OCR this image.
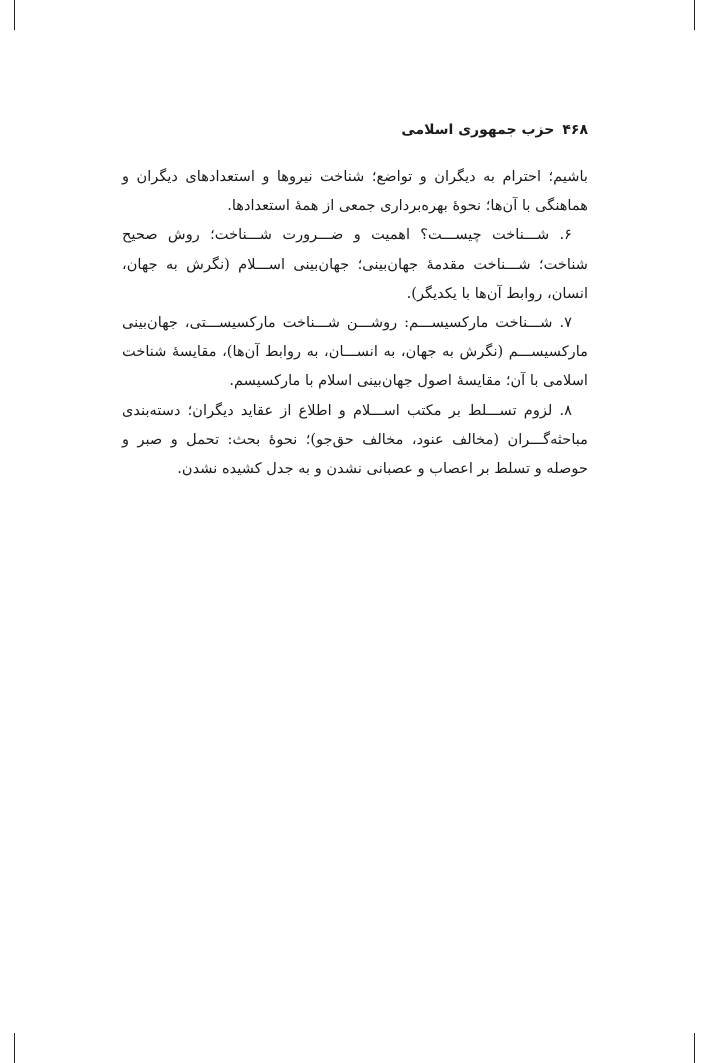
۴۶۸
حزب جمهوری اسلامی

باشیم؛ احترام به دیگران و تواضع؛ شناخت نیروها و استعدادهای دیگران و هماهنگی با آن‌ها؛ نحوهٔ بهره‌برداری جمعی از همهٔ استعدادها.

۶. شـــناخت چیســـت؟ اهمیت و ضـــرورت شـــناخت؛ روش صحیح شناخت؛ شـــناخت مقدمهٔ جهان‌بینی؛ جهان‌بینی اســـلام (نگرش به جهان، انسان، روابط آن‌ها با یکدیگر).

۷. شـــناخت مارکسیســـم: روشـــن شـــناخت مارکسیســـتی، جهان‌بینی مارکسیســـم (نگرش به جهان، به انســـان، به روابط آن‌ها)، مقایسهٔ شناخت اسلامی با آن؛ مقایسهٔ اصول جهان‌بینی اسلام با مارکسیسم.

۸. لزوم تســـلط بر مکتب اســـلام و اطلاع از عقاید دیگران؛ دسته‌بندی مباحثه‌گـــران (مخالف عنود، مخالف حق‌جو)؛ نحوهٔ بحث: تحمل و صبر و حوصله و تسلط بر اعصاب و عصبانی نشدن و به جدل کشیده نشدن.
